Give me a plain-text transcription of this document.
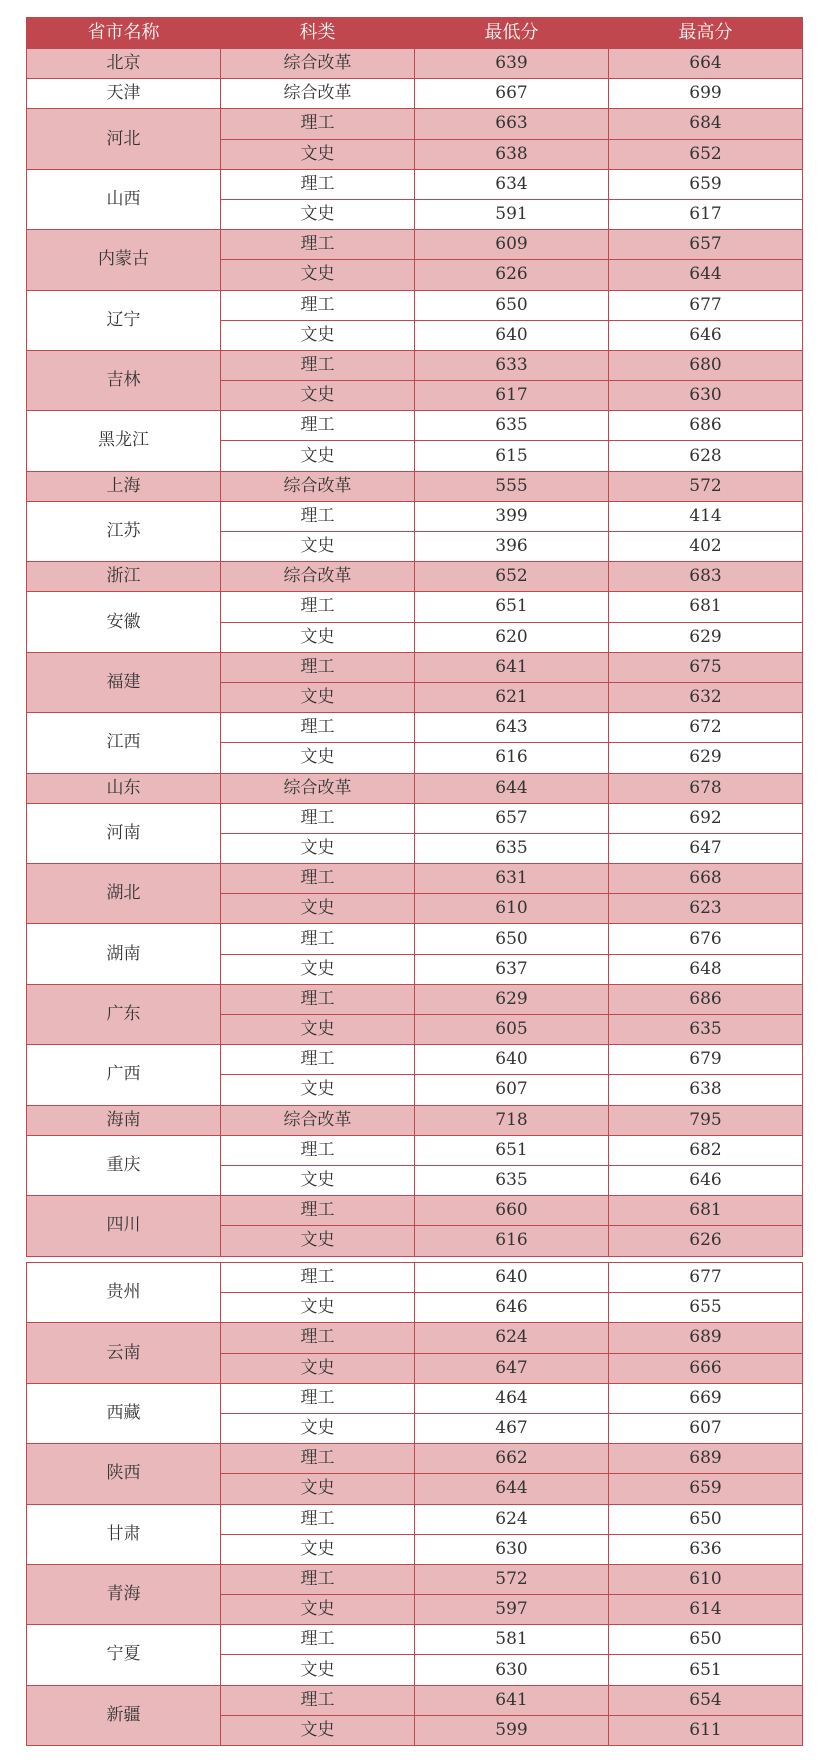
省市名称	科类	最低分	最高分
北京	综合改革	639	664
天津	综合改革	667	699
河北	理工	663	684
	文史	638	652
山西	理工	634	659
	文史	591	617
内蒙古	理工	609	657
	文史	626	644
辽宁	理工	650	677
	文史	640	646
吉林	理工	633	680
	文史	617	630
黑龙江	理工	635	686
	文史	615	628
上海	综合改革	555	572
江苏	理工	399	414
	文史	396	402
浙江	综合改革	652	683
安徽	理工	651	681
	文史	620	629
福建	理工	641	675
	文史	621	632
江西	理工	643	672
	文史	616	629
山东	综合改革	644	678
河南	理工	657	692
	文史	635	647
湖北	理工	631	668
	文史	610	623
湖南	理工	650	676
	文史	637	648
广东	理工	629	686
	文史	605	635
广西	理工	640	679
	文史	607	638
海南	综合改革	718	795
重庆	理工	651	682
	文史	635	646
四川	理工	660	681
	文史	616	626
贵州	理工	640	677
	文史	646	655
云南	理工	624	689
	文史	647	666
西藏	理工	464	669
	文史	467	607
陕西	理工	662	689
	文史	644	659
甘肃	理工	624	650
	文史	630	636
青海	理工	572	610
	文史	597	614
宁夏	理工	581	650
	文史	630	651
新疆	理工	641	654
	文史	599	611
